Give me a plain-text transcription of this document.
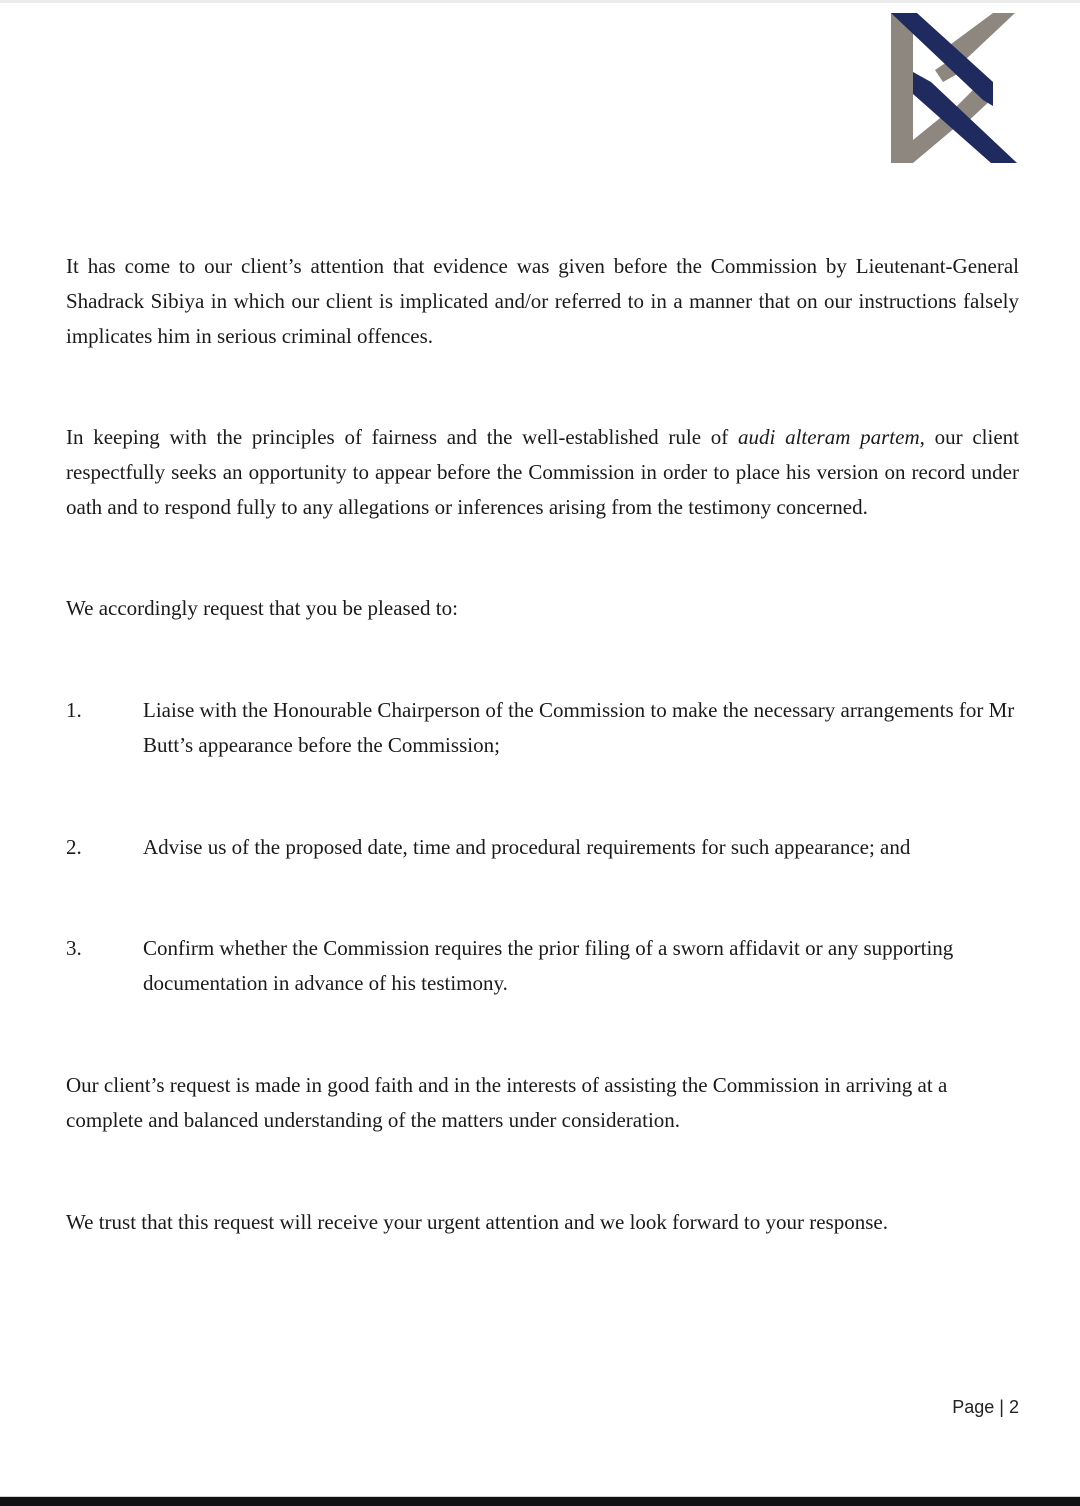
It has come to our client’s attention that evidence was given before the Commission by Lieutenant-General Shadrack Sibiya in which our client is implicated and/or referred to in a manner that on our instructions falsely implicates him in serious criminal offences.

In keeping with the principles of fairness and the well-established rule of audi alteram partem, our client respectfully seeks an opportunity to appear before the Commission in order to place his version on record under oath and to respond fully to any allegations or inferences arising from the testimony concerned.

We accordingly request that you be pleased to:

1.	Liaise with the Honourable Chairperson of the Commission to make the necessary arrangements for Mr Butt’s appearance before the Commission;
2.	Advise us of the proposed date, time and procedural requirements for such appearance; and
3.	Confirm whether the Commission requires the prior filing of a sworn affidavit or any supporting documentation in advance of his testimony.

Our client’s request is made in good faith and in the interests of assisting the Commission in arriving at a complete and balanced understanding of the matters under consideration.

We trust that this request will receive your urgent attention and we look forward to your response.

Page | 2
